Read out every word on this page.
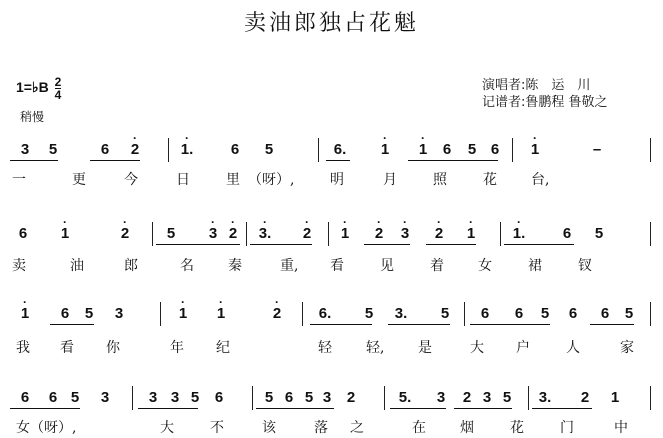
卖油郎独占花魁
1=♭B $\frac{2}{4}$
稍慢
演唱者:陈　运　川
记谱者:鲁鹏程 鲁敬之
3 5	6 2
·
1.
·
6 5	6. 1
·
1
·
6 5 6 1
·
–
一	更	今	日	里 （呀）,	明	月	照	花 台,
6 1
·
2
·
5 3
·
2
·
3.
·
2
·
1
·
2
·
3
·
2
·
1
·
1.
·
6 5
卖	油	郎	名 秦	重, 看	见	着 女	裙	钗
1
·
6 5 3	1
·
1
·
2
·
6. 5 3. 5 6 6 5 6 6 5
我 看 你	年 纪	轻 轻, 是	大 户	人	家
6 6 5 3	3 3 5 6	5 6 5 3 2	5. 3 2 3 5 3. 2 1
女（呀）,	大	不	该	落 之	在 烟	花	门	中
